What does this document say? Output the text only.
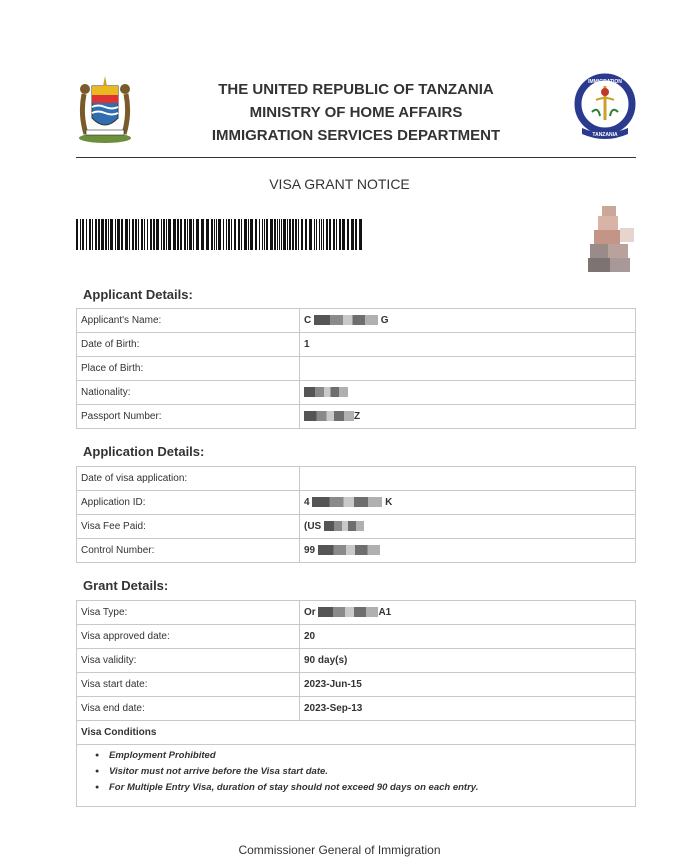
THE UNITED REPUBLIC OF TANZANIA
MINISTRY OF HOME AFFAIRS
IMMIGRATION SERVICES DEPARTMENT
IMMIGRATION
TANZANIA
VISA GRANT NOTICE
Applicant Details:
Applicant's Name:	C G
Date of Birth:	1
Place of Birth:	
Nationality:	
Passport Number:	Z
Application Details:
Date of visa application:	
Application ID:	4 K
Visa Fee Paid:	(US
Control Number:	99
Grant Details:
Visa Type:	Or A1
Visa approved date:	20
Visa validity:	90 day(s)
Visa start date:	2023-Jun-15
Visa end date:	2023-Sep-13
Visa Conditions	
● Employment Prohibited
● Visitor must not arrive before the Visa start date.
● For Multiple Entry Visa, duration of stay should not exceed 90 days on each entry.
Commissioner General of Immigration
